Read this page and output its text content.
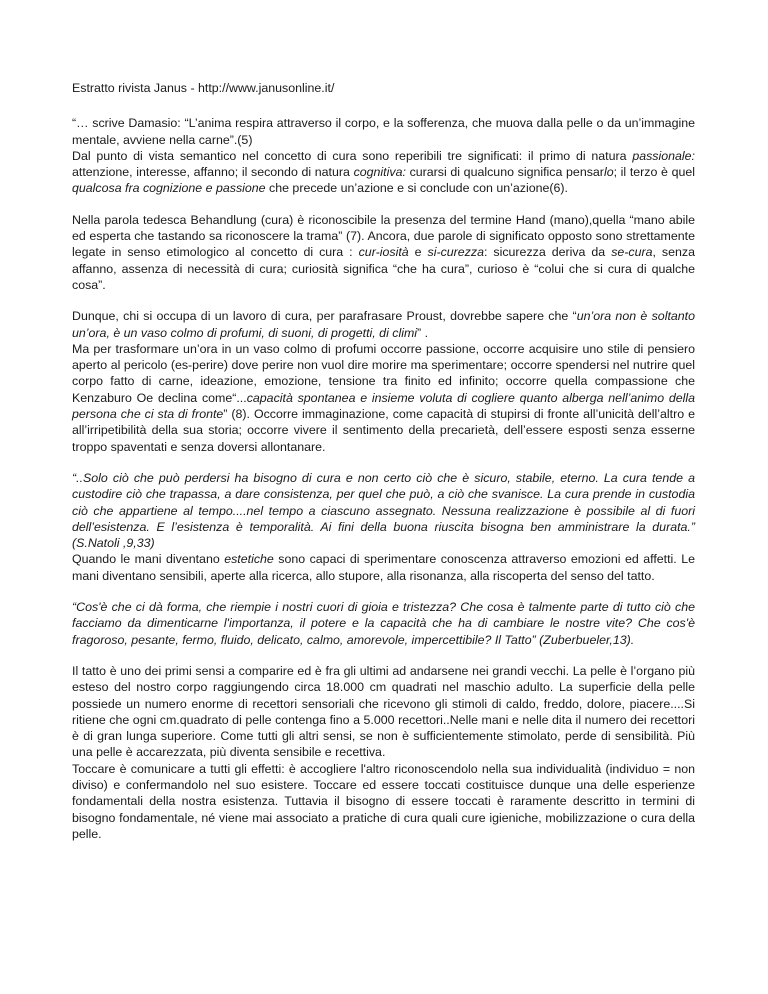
Estratto rivista Janus - http://www.janusonline.it/

“… scrive Damasio: “L’anima respira attraverso il corpo, e la sofferenza, che muova dalla pelle o da un’immagine mentale, avviene nella carne”.(5)

Dal punto di vista semantico nel concetto di cura sono reperibili tre significati: il primo di natura passionale: attenzione, interesse, affanno; il secondo di natura cognitiva: curarsi di qualcuno significa pensarlo; il terzo è quel qualcosa fra cognizione e passione che precede un’azione e si conclude con un’azione(6).

Nella parola tedesca Behandlung (cura) è riconoscibile la presenza del termine Hand (mano),quella “mano abile ed esperta che tastando sa riconoscere la trama” (7). Ancora, due parole di significato opposto sono strettamente legate in senso etimologico al concetto di cura : cur-iosità e si-curezza: sicurezza deriva da se-cura, senza affanno, assenza di necessità di cura; curiosità significa “che ha cura”, curioso è “colui che si cura di qualche cosa”.

Dunque, chi si occupa di un lavoro di cura, per parafrasare Proust, dovrebbe sapere che “un’ora non è soltanto un’ora, è un vaso colmo di profumi, di suoni, di progetti, di climi” .

Ma per trasformare un’ora in un vaso colmo di profumi occorre passione, occorre acquisire uno stile di pensiero aperto al pericolo (es-perire) dove perire non vuol dire morire ma sperimentare; occorre spendersi nel nutrire quel corpo fatto di carne, ideazione, emozione, tensione tra finito ed infinito; occorre quella compassione che Kenzaburo Oe declina come“...capacità spontanea e insieme voluta di cogliere quanto alberga nell’animo della persona che ci sta di fronte” (8). Occorre immaginazione, come capacità di stupirsi di fronte all’unicità dell’altro e all’irripetibilità della sua storia; occorre vivere il sentimento della precarietà, dell’essere esposti senza esserne troppo spaventati e senza doversi allontanare.

“..Solo ciò che può perdersi ha bisogno di cura e non certo ciò che è sicuro, stabile, eterno. La cura tende a custodire ciò che trapassa, a dare consistenza, per quel che può, a ciò che svanisce. La cura prende in custodia ciò che appartiene al tempo....nel tempo a ciascuno assegnato. Nessuna realizzazione è possibile al di fuori dell’esistenza. E l’esistenza è temporalità. Ai fini della buona riuscita bisogna ben amministrare la durata.” (S.Natoli ,9,33)

Quando le mani diventano estetiche sono capaci di sperimentare conoscenza attraverso emozioni ed affetti. Le mani diventano sensibili, aperte alla ricerca, allo stupore, alla risonanza, alla riscoperta del senso del tatto.

“Cos'è che ci dà forma, che riempie i nostri cuori di gioia e tristezza? Che cosa è talmente parte di tutto ciò che facciamo da dimenticarne l'importanza, il potere e la capacità che ha di cambiare le nostre vite? Che cos'è fragoroso, pesante, fermo, fluido, delicato, calmo, amorevole, impercettibile? Il Tatto” (Zuberbueler,13).

Il tatto è uno dei primi sensi a comparire ed è fra gli ultimi ad andarsene nei grandi vecchi. La pelle è l’organo più esteso del nostro corpo raggiungendo circa 18.000 cm quadrati nel maschio adulto. La superficie della pelle possiede un numero enorme di recettori sensoriali che ricevono gli stimoli di caldo, freddo, dolore, piacere....Si ritiene che ogni cm.quadrato di pelle contenga fino a 5.000 recettori..Nelle mani e nelle dita il numero dei recettori è di gran lunga superiore. Come tutti gli altri sensi, se non è sufficientemente stimolato, perde di sensibilità. Più una pelle è accarezzata, più diventa sensibile e recettiva.

Toccare è comunicare a tutti gli effetti: è accogliere l'altro riconoscendolo nella sua individualità (individuo = non diviso) e confermandolo nel suo esistere. Toccare ed essere toccati costituisce dunque una delle esperienze fondamentali della nostra esistenza. Tuttavia il bisogno di essere toccati è raramente descritto in termini di bisogno fondamentale, né viene mai associato a pratiche di cura quali cure igieniche, mobilizzazione o cura della pelle.
